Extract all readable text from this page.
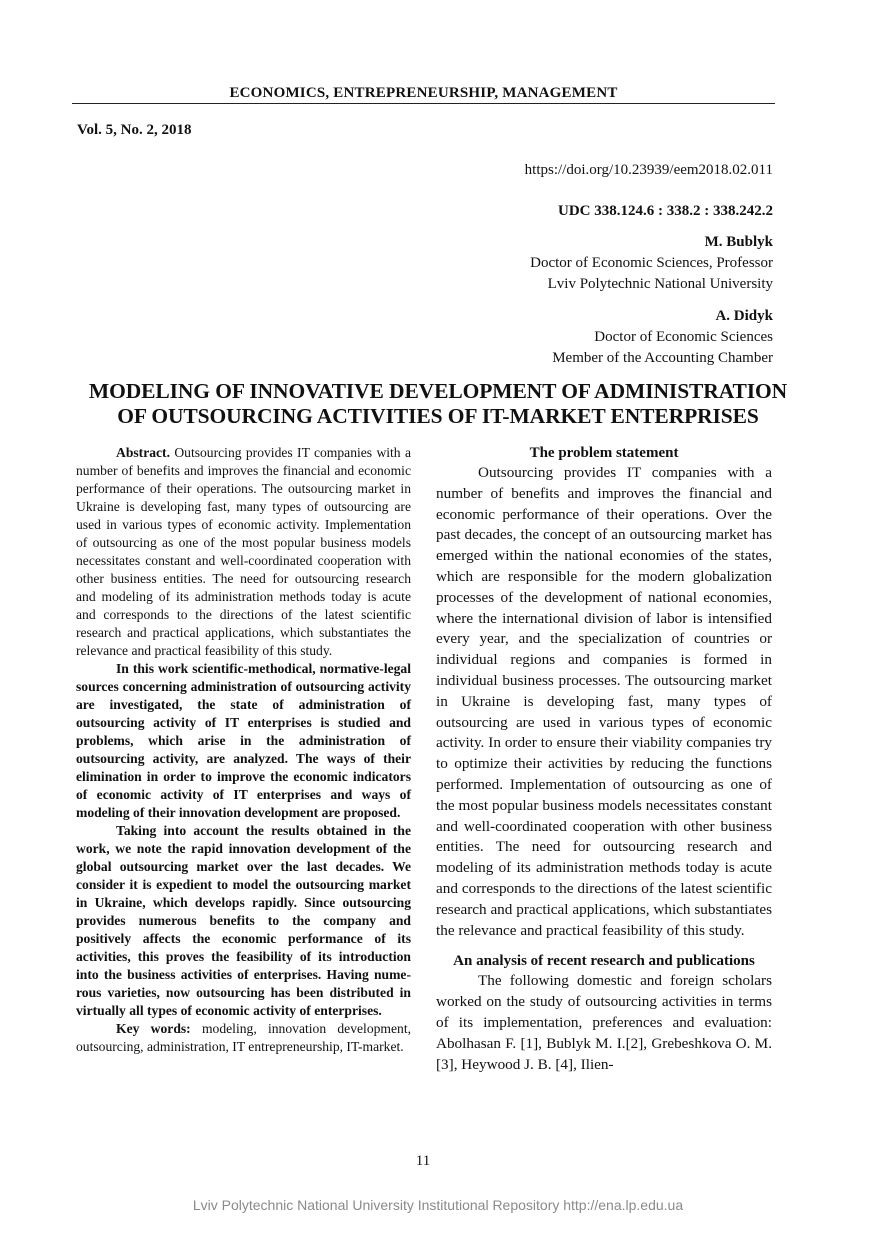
ECONOMICS, ENTREPRENEURSHIP, MANAGEMENT
Vol. 5, No. 2, 2018
https://doi.org/10.23939/eem2018.02.011
UDC 338.124.6 : 338.2 : 338.242.2
M. Bublyk
Doctor of Economic Sciences, Professor
Lviv Polytechnic National University
A. Didyk
Doctor of Economic Sciences
Member of the Accounting Chamber
MODELING OF INNOVATIVE DEVELOPMENT OF ADMINISTRATION
OF OUTSOURCING ACTIVITIES OF IT-MARKET ENTERPRISES

Abstract. Outsourcing provides IT companies with a number of benefits and improves the financial and economic performance of their operations. The outsourcing market in Ukraine is developing fast, many types of outsourcing are used in various types of economic activity. Implementation of outsourcing as one of the most popular business models necessitates constant and well-coordinated cooperation with other business entities. The need for outsourcing research and modeling of its administration methods today is acute and corresponds to the directions of the latest scientific research and practical applications, which substantiates the relevance and practical feasibility of this study.

In this work scientific-methodical, normative-legal sources concerning administration of outsourcing activity are investigated, the state of administration of outsourcing activity of IT enterprises is studied and problems, which arise in the administration of outsourcing activity, are analyzed. The ways of their elimination in order to improve the economic indicators of economic activity of IT enterprises and ways of modeling of their innovation development are proposed.

Taking into account the results obtained in the work, we note the rapid innovation development of the global outsourcing market over the last decades. We consider it is expedient to model the outsourcing market in Ukraine, which develops rapidly. Since outsourcing provides numerous benefits to the company and positively affects the economic performance of its activities, this proves the feasibility of its introduction into the business activities of enterprises. Having numerous varieties, now outsourcing has been distributed in virtually all types of economic activity of enterprises.

Key words: modeling, innovation development, outsourcing, administration, IT entrepreneurship, IT-market.

The problem statement

Outsourcing provides IT companies with a number of benefits and improves the financial and economic performance of their operations. Over the past decades, the concept of an outsourcing market has emerged within the national economies of the states, which are responsible for the modern globalization processes of the development of national economies, where the international division of labor is intensified every year, and the specialization of countries or individual regions and companies is formed in individual business processes. The outsourcing market in Ukraine is developing fast, many types of outsourcing are used in various types of economic activity. In order to ensure their viability companies try to optimize their activities by reducing the functions performed. Implementation of outsourcing as one of the most popular business models necessitates constant and well-coordinated cooperation with other business entities. The need for outsourcing research and modeling of its administration methods today is acute and corresponds to the directions of the latest scientific research and practical applications, which substantiates the relevance and practical feasibility of this study.

An analysis of recent research and publications

The following domestic and foreign scholars worked on the study of outsourcing activities in terms of its implementation, preferences and evaluation: Abolhasan F. [1], Bublyk M. I.[2], Grebeshkova O. M. [3], Heywood J. B. [4], Ilien-

11
Lviv Polytechnic National University Institutional Repository http://ena.lp.edu.ua
